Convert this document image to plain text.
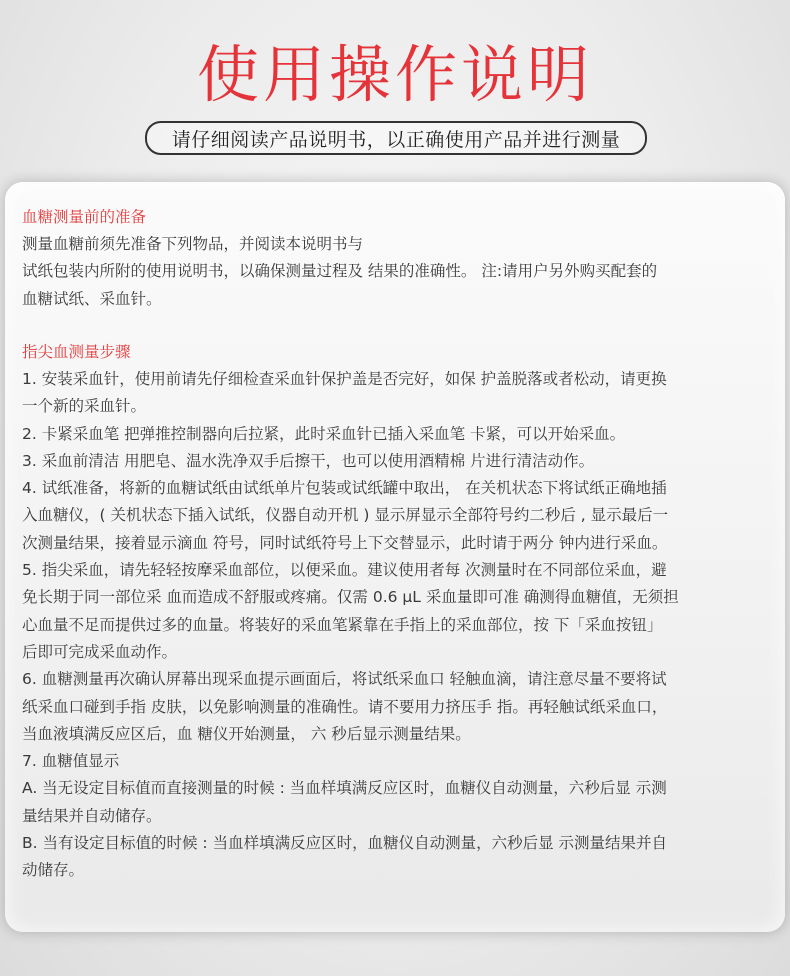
使用操作说明
请仔细阅读产品说明书，以正确使用产品并进行测量

血糖测量前的准备

测量血糖前须先准备下列物品，并阅读本说明书与

试纸包装内所附的使用说明书，以确保测量过程及 结果的准确性。 注:请用户另外购买配套的

血糖试纸、采血针。

指尖血测量步骤

1. 安装采血针，使用前请先仔细检查采血针保护盖是否完好，如保 护盖脱落或者松动，请更换

一个新的采血针。

2. 卡紧采血笔 把弹推控制器向后拉紧，此时采血针已插入采血笔 卡紧，可以开始采血。

3. 采血前清洁 用肥皂、温水洗净双手后擦干，也可以使用酒精棉 片进行清洁动作。

4. 试纸准备，将新的血糖试纸由试纸单片包装或试纸罐中取出， 在关机状态下将试纸正确地插

入血糖仪，( 关机状态下插入试纸，仪器自动开机 ) 显示屏显示全部符号约二秒后 , 显示最后一

次测量结果，接着显示滴血 符号，同时试纸符号上下交替显示，此时请于两分 钟内进行采血。

5. 指尖采血，请先轻轻按摩采血部位，以便采血。建议使用者每 次测量时在不同部位采血，避

免长期于同一部位采 血而造成不舒服或疼痛。仅需 0.6 μL 采血量即可准 确测得血糖值，无须担

心血量不足而提供过多的血量。将装好的采血笔紧靠在手指上的采血部位，按 下「采血按钮」

后即可完成采血动作。

6. 血糖测量再次确认屏幕出现采血提示画面后，将试纸采血口 轻触血滴，请注意尽量不要将试

纸采血口碰到手指 皮肤，以免影响测量的准确性。请不要用力挤压手 指。再轻触试纸采血口，

当血液填满反应区后，血 糖仪开始测量， 六 秒后显示测量结果。

7. 血糖值显示

A. 当无设定目标值而直接测量的时候 : 当血样填满反应区时，血糖仪自动测量，六秒后显 示测

量结果并自动储存。

B. 当有设定目标值的时候 : 当血样填满反应区时，血糖仪自动测量，六秒后显 示测量结果并自

动储存。
